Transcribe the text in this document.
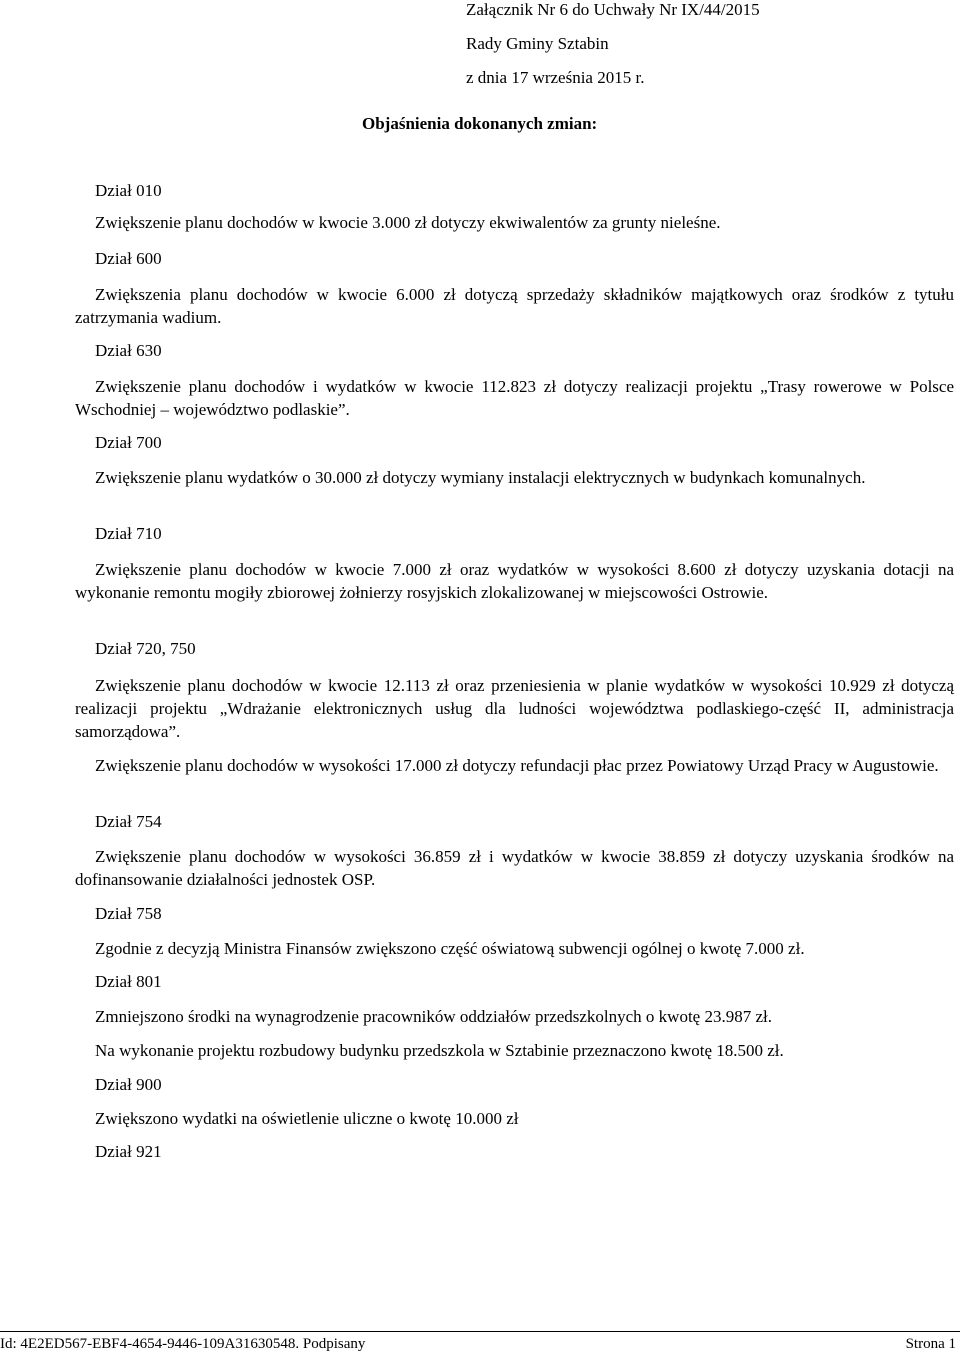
Załącznik Nr 6 do Uchwały Nr IX/44/2015
Rady Gminy Sztabin
z dnia 17 września 2015 r.
Objaśnienia dokonanych zmian:
Dział 010
Zwiększenie planu dochodów w kwocie 3.000 zł dotyczy ekwiwalentów za grunty nieleśne.
Dział 600
Zwiększenia planu dochodów w kwocie 6.000 zł dotyczą sprzedaży składników majątkowych oraz środków z tytułu zatrzymania wadium.
Dział 630
Zwiększenie planu dochodów i wydatków w kwocie 112.823 zł dotyczy realizacji projektu „Trasy rowerowe w Polsce Wschodniej – województwo podlaskie”.
Dział 700
Zwiększenie planu wydatków o 30.000 zł dotyczy wymiany instalacji elektrycznych w budynkach komunalnych.
Dział 710
Zwiększenie planu dochodów w kwocie 7.000 zł oraz wydatków w wysokości 8.600 zł dotyczy uzyskania dotacji na wykonanie remontu mogiły zbiorowej żołnierzy rosyjskich zlokalizowanej w miejscowości Ostrowie.
Dział 720, 750
Zwiększenie planu dochodów w kwocie 12.113 zł oraz przeniesienia w planie wydatków w wysokości 10.929 zł dotyczą realizacji projektu „Wdrażanie elektronicznych usług dla ludności województwa podlaskiego-część II, administracja samorządowa”.
Zwiększenie planu dochodów w wysokości 17.000 zł dotyczy refundacji płac przez Powiatowy Urząd Pracy w Augustowie.
Dział 754
Zwiększenie planu dochodów w wysokości 36.859 zł i wydatków w kwocie 38.859 zł dotyczy uzyskania środków na dofinansowanie działalności jednostek OSP.
Dział 758
Zgodnie z decyzją Ministra Finansów zwiększono część oświatową subwencji ogólnej o kwotę 7.000 zł.
Dział 801
Zmniejszono środki na wynagrodzenie pracowników oddziałów przedszkolnych o kwotę 23.987 zł.
Na wykonanie projektu rozbudowy budynku przedszkola w Sztabinie przeznaczono kwotę 18.500 zł.
Dział 900
Zwiększono wydatki na oświetlenie uliczne o kwotę 10.000 zł
Dział 921
Id: 4E2ED567-EBF4-4654-9446-109A31630548. Podpisany	Strona 1
